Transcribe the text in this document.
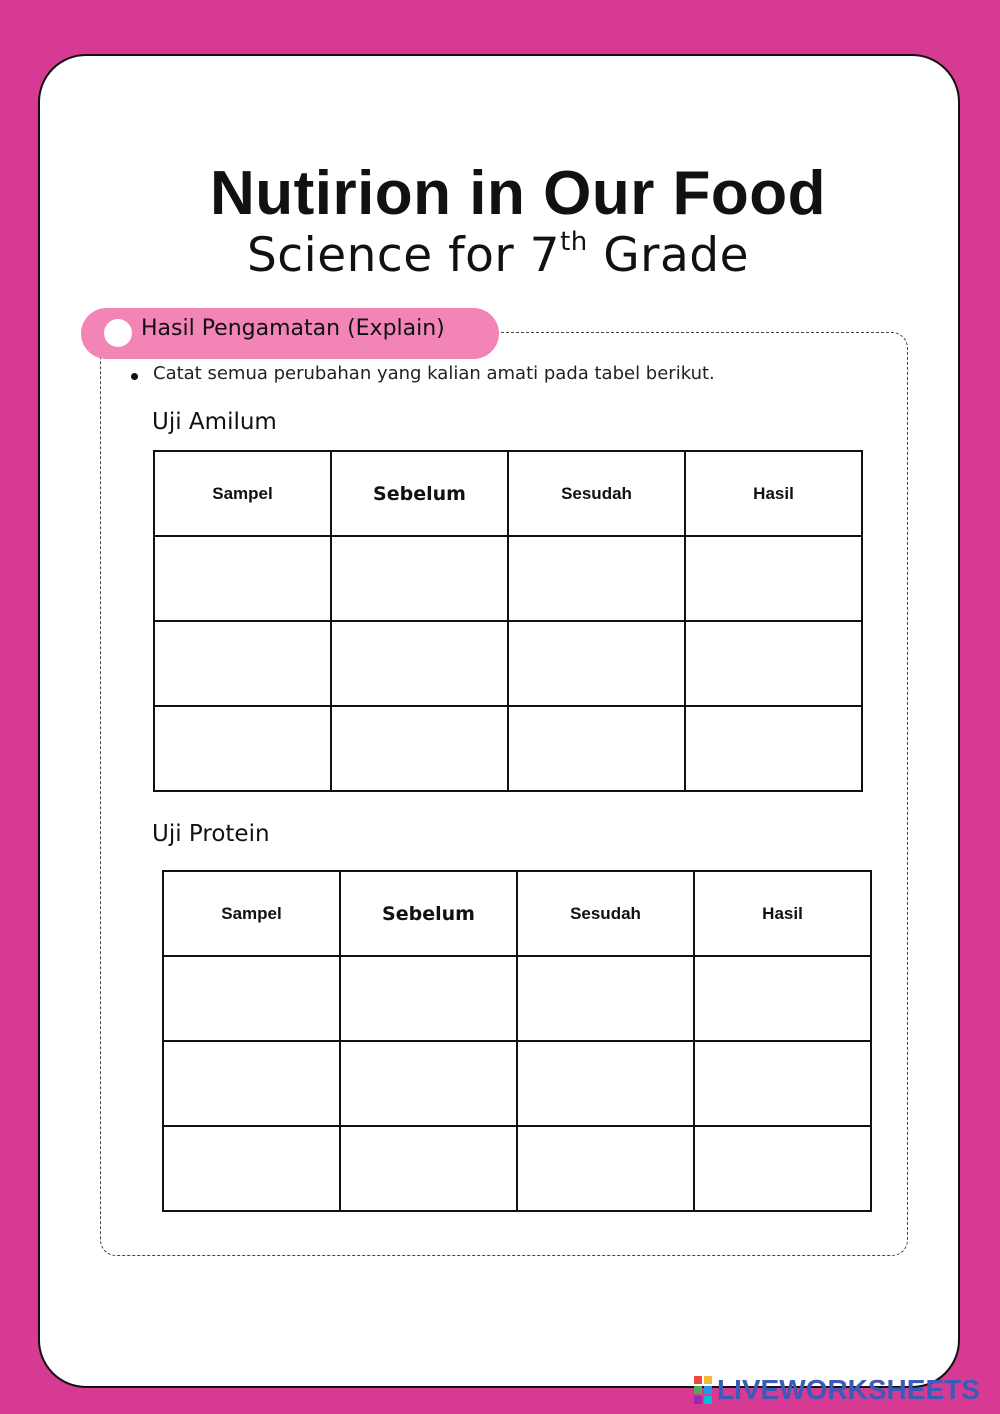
Nutirion in Our Food
Science for 7th Grade
Hasil Pengamatan (Explain)
Catat semua perubahan yang kalian amati pada tabel berikut.
Uji Amilum
Sampel	Sebelum	Sesudah	Hasil

Uji Protein
Sampel	Sebelum	Sesudah	Hasil

LIVEWORKSHEETS
